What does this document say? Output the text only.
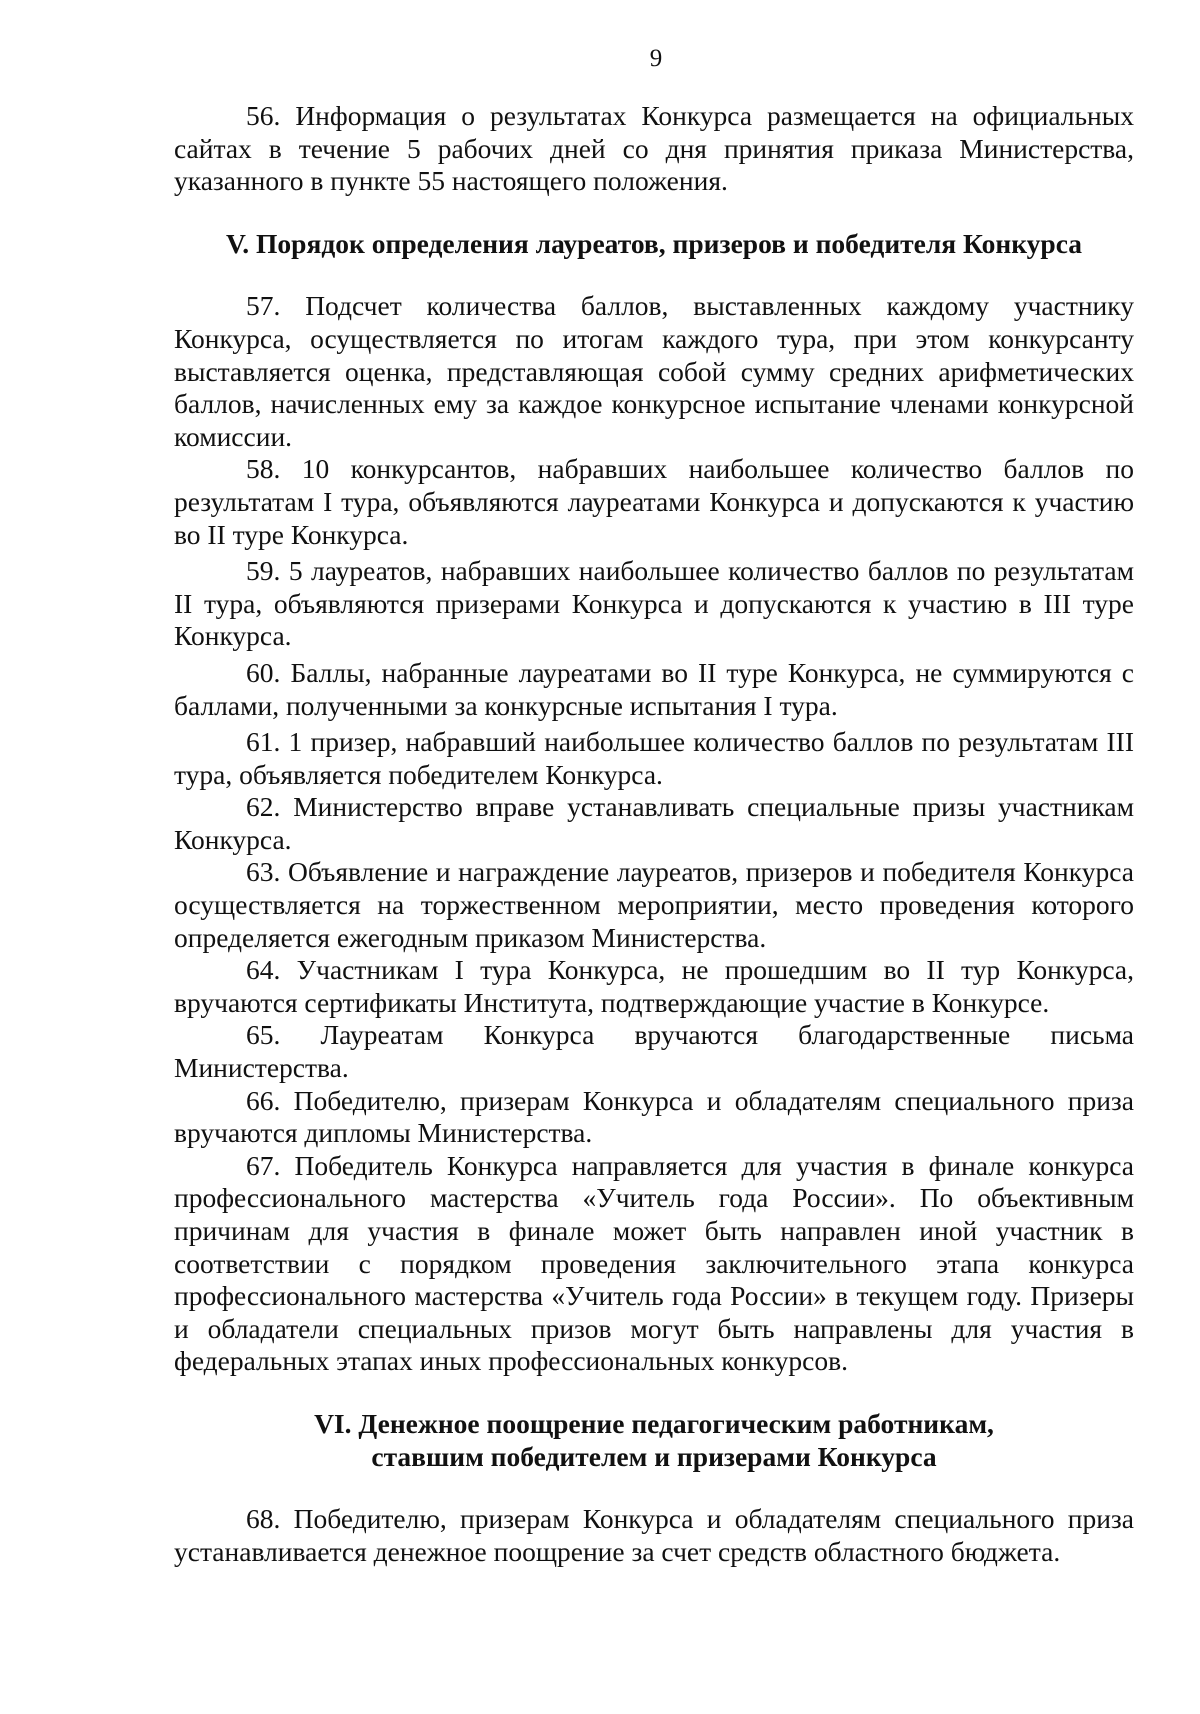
9

56. Информация о результатах Конкурса размещается на официальных сайтах в течение 5 рабочих дней со дня принятия приказа Министерства, указанного в пункте 55 настоящего положения.

V. Порядок определения лауреатов, призеров и победителя Конкурса

57. Подсчет количества баллов, выставленных каждому участнику Конкурса, осуществляется по итогам каждого тура, при этом конкурсанту выставляется оценка, представляющая собой сумму средних арифметических баллов, начисленных ему за каждое конкурсное испытание членами конкурсной комиссии.

58. 10 конкурсантов, набравших наибольшее количество баллов по результатам I тура, объявляются лауреатами Конкурса и допускаются к участию во II туре Конкурса.

59. 5 лауреатов, набравших наибольшее количество баллов по результатам II тура, объявляются призерами Конкурса и допускаются к участию в III туре Конкурса.

60. Баллы, набранные лауреатами во II туре Конкурса, не суммируются с баллами, полученными за конкурсные испытания I тура.

61. 1 призер, набравший наибольшее количество баллов по результатам III тура, объявляется победителем Конкурса.

62. Министерство вправе устанавливать специальные призы участникам Конкурса.

63. Объявление и награждение лауреатов, призеров и победителя Конкурса осуществляется на торжественном мероприятии, место проведения которого определяется ежегодным приказом Министерства.

64. Участникам I тура Конкурса, не прошедшим во II тур Конкурса, вручаются сертификаты Института, подтверждающие участие в Конкурсе.

65. Лауреатам Конкурса вручаются благодарственные письма Министерства.

66. Победителю, призерам Конкурса и обладателям специального приза вручаются дипломы Министерства.

67. Победитель Конкурса направляется для участия в финале конкурса профессионального мастерства «Учитель года России». По объективным причинам для участия в финале может быть направлен иной участник в соответствии с порядком проведения заключительного этапа конкурса профессионального мастерства «Учитель года России» в текущем году. Призеры и обладатели специальных призов могут быть направлены для участия в федеральных этапах иных профессиональных конкурсов.

VI. Денежное поощрение педагогическим работникам,

ставшим победителем и призерами Конкурса

68. Победителю, призерам Конкурса и обладателям специального приза устанавливается денежное поощрение за счет средств областного бюджета.
